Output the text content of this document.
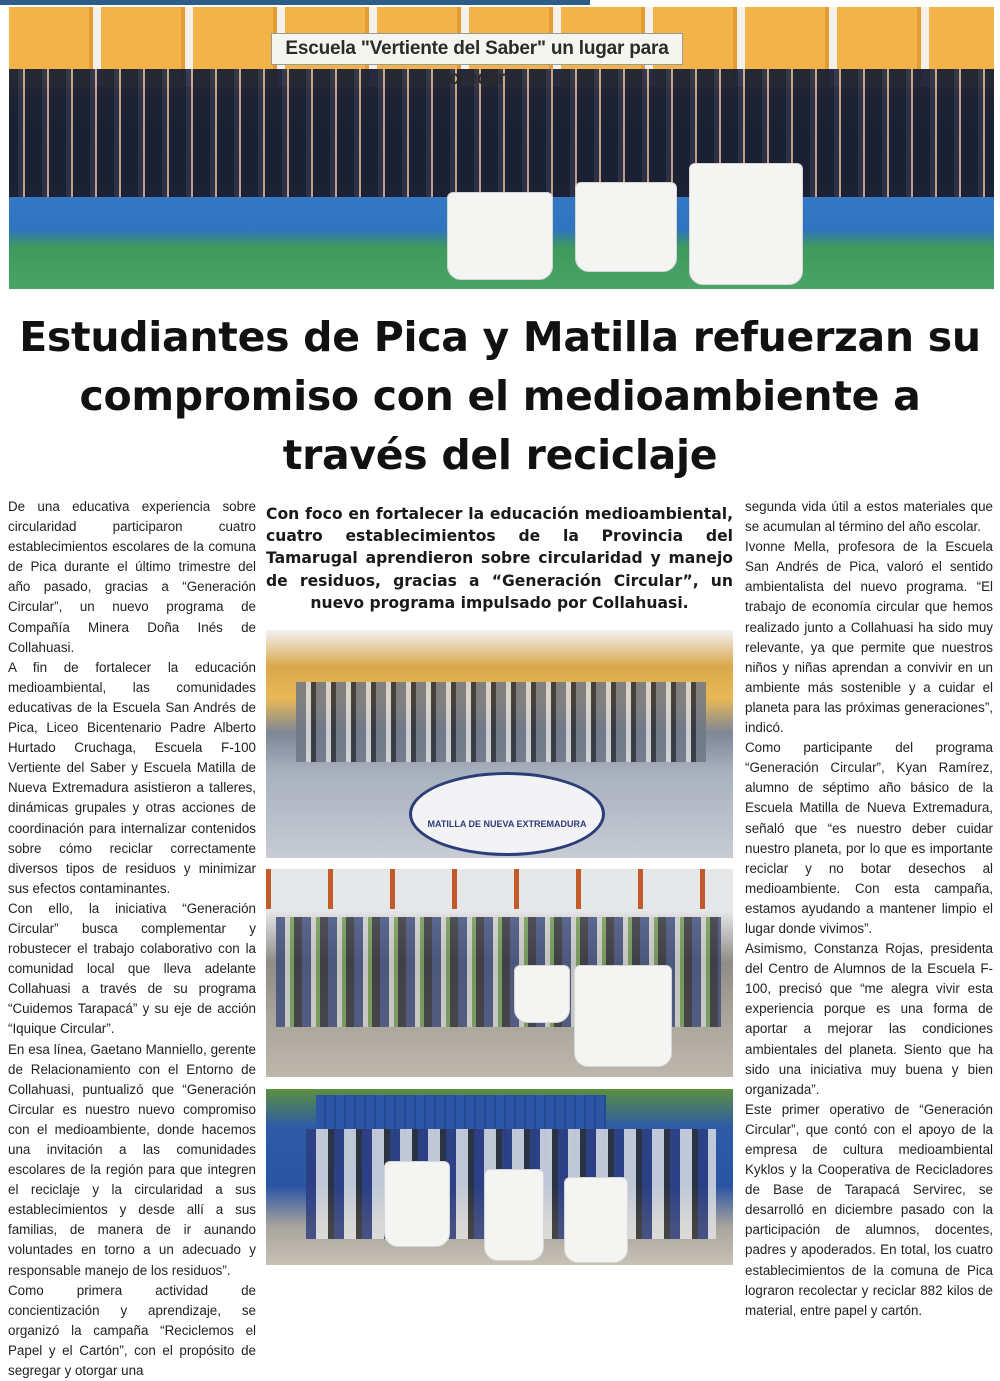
Escuela "Vertiente del Saber" un lugar para crecer
Estudiantes de Pica y Matilla refuerzan su compromiso con el medioambiente a través del reciclaje

De una educativa experiencia sobre circularidad participaron cuatro establecimientos escolares de la comuna de Pica durante el último trimestre del año pasado, gracias a “Generación Circular”, un nuevo programa de Compañía Minera Doña Inés de Collahuasi.

A fin de fortalecer la educación medioambiental, las comunidades educativas de la Escuela San Andrés de Pica, Liceo Bicentenario Padre Alberto Hurtado Cruchaga, Escuela F-100 Vertiente del Saber y Escuela Matilla de Nueva Extremadura asistieron a talleres, dinámicas grupales y otras acciones de coordinación para internalizar contenidos sobre cómo reciclar correctamente diversos tipos de residuos y minimizar sus efectos contaminantes.

Con ello, la iniciativa “Generación Circular” busca complementar y robustecer el trabajo colaborativo con la comunidad local que lleva adelante Collahuasi a través de su programa “Cuidemos Tarapacá” y su eje de acción “Iquique Circular”.

En esa línea, Gaetano Manniello, gerente de Relacionamiento con el Entorno de Collahuasi, puntualizó que “Generación Circular es nuestro nuevo compromiso con el medioambiente, donde hacemos una invitación a las comunidades escolares de la región para que integren el reciclaje y la circularidad a sus establecimientos y desde allí a sus familias, de manera de ir aunando voluntades en torno a un adecuado y responsable manejo de los residuos”.

Como primera actividad de concientización y aprendizaje, se organizó la campaña “Reciclemos el Papel y el Cartón”, con el propósito de segregar y otorgar una

Con foco en fortalecer la educación medioambiental, cuatro establecimientos de la Provincia del Tamarugal aprendieron sobre circularidad y manejo de residuos, gracias a “Generación Circular”, un nuevo programa impulsado por Collahuasi.

MATILLA DE NUEVA EXTREMADURA

segunda vida útil a estos materiales que se acumulan al término del año escolar.

Ivonne Mella, profesora de la Escuela San Andrés de Pica, valoró el sentido ambientalista del nuevo programa. “El trabajo de economía circular que hemos realizado junto a Collahuasi ha sido muy relevante, ya que permite que nuestros niños y niñas aprendan a convivir en un ambiente más sostenible y a cuidar el planeta para las próximas generaciones”, indicó.

Como participante del programa “Generación Circular”, Kyan Ramírez, alumno de séptimo año básico de la Escuela Matilla de Nueva Extremadura, señaló que “es nuestro deber cuidar nuestro planeta, por lo que es importante reciclar y no botar desechos al medioambiente. Con esta campaña, estamos ayudando a mantener limpio el lugar donde vivimos”.

Asimismo, Constanza Rojas, presidenta del Centro de Alumnos de la Escuela F-100, precisó que “me alegra vivir esta experiencia porque es una forma de aportar a mejorar las condiciones ambientales del planeta. Siento que ha sido una iniciativa muy buena y bien organizada”.

Este primer operativo de “Generación Circular”, que contó con el apoyo de la empresa de cultura medioambiental Kyklos y la Cooperativa de Recicladores de Base de Tarapacá Servirec, se desarrolló en diciembre pasado con la participación de alumnos, docentes, padres y apoderados. En total, los cuatro establecimientos de la comuna de Pica lograron recolectar y reciclar 882 kilos de material, entre papel y cartón.
